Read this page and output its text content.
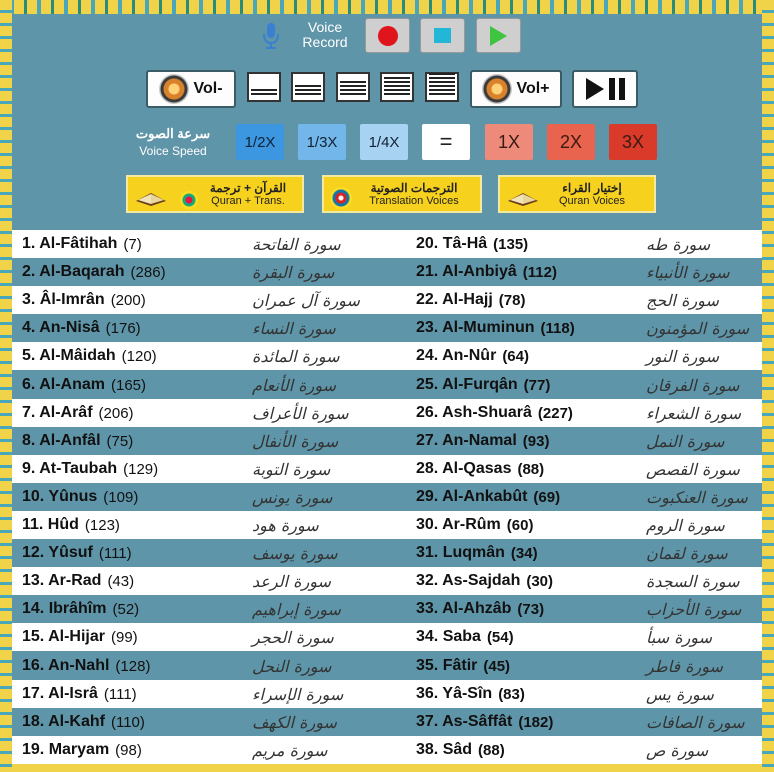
Voice
Record
Vol-	Vol+
سرعة الصوت
Voice Speed
1/2X 1/3X 1/4X =	1X 2X 3X
القرآن + ترجمة
Quran + Trans.
الترجمات الصوتية
Translation Voices
إختيار القراء
Quran Voices
1. Al-Fâtihah (7)	سورة الفاتحة	20. Tâ-Hâ (135)	سورة طه
2. Al-Baqarah (286)	سورة البقرة	21. Al-Anbiyâ (112)	سورة الأنبياء
3. Âl-Imrân (200)	سورة آل عمران	22. Al-Hajj (78)	سورة الحج
4. An-Nisâ (176)	سورة النساء	23. Al-Muminun (118)	سورة المؤمنون
5. Al-Mâidah (120)	سورة المائدة	24. An-Nûr (64)	سورة النور
6. Al-Anam (165)	سورة الأنعام	25. Al-Furqân (77)	سورة الفرقان
7. Al-Arâf (206)	سورة الأعراف	26. Ash-Shuarâ (227)	سورة الشعراء
8. Al-Anfâl (75)	سورة الأنفال	27. An-Namal (93)	سورة النمل
9. At-Taubah (129)	سورة التوبة	28. Al-Qasas (88)	سورة القصص
10. Yûnus (109)	سورة يونس	29. Al-Ankabût (69)	سورة العنكبوت
11. Hûd (123)	سورة هود	30. Ar-Rûm (60)	سورة الروم
12. Yûsuf (111)	سورة يوسف	31. Luqmân (34)	سورة لقمان
13. Ar-Rad (43)	سورة الرعد	32. As-Sajdah (30)	سورة السجدة
14. Ibrâhîm (52)	سورة إبراهيم	33. Al-Ahzâb (73)	سورة الأحزاب
15. Al-Hijar (99)	سورة الحجر	34. Saba (54)	سورة سبأ
16. An-Nahl (128)	سورة النحل	35. Fâtir (45)	سورة فاطر
17. Al-Isrâ (111)	سورة الإسراء	36. Yâ-Sîn (83)	سورة يس
18. Al-Kahf (110)	سورة الكهف	37. As-Sâffât (182)	سورة الصافات
19. Maryam (98)	سورة مريم	38. Sâd (88)	سورة ص
